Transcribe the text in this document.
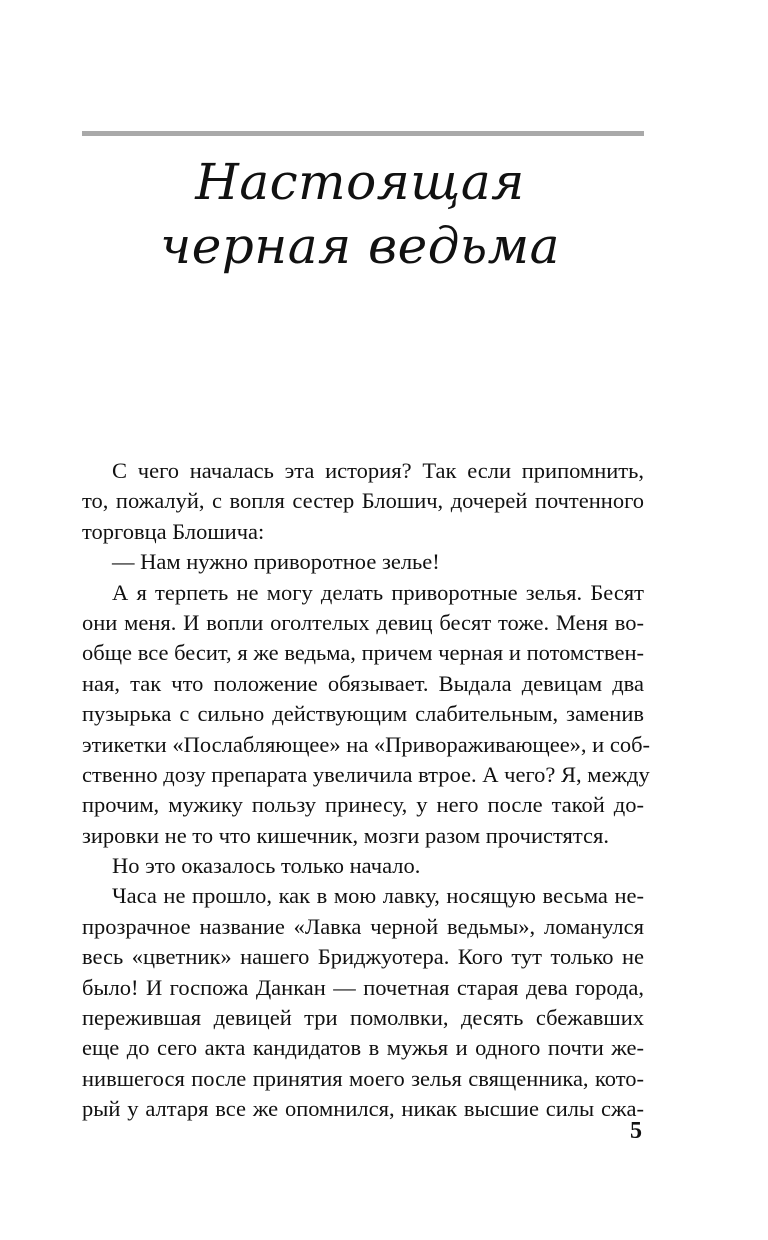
Настоящая
черная ведьма
С чего началась эта история? Так если припомнить,
то, пожалуй, с вопля сестер Блошич, дочерей почтенного
торговца Блошича:
— Нам нужно приворотное зелье!
А я терпеть не могу делать приворотные зелья. Бесят
они меня. И вопли оголтелых девиц бесят тоже. Меня во-
обще все бесит, я же ведьма, причем черная и потомствен-
ная, так что положение обязывает. Выдала девицам два
пузырька с сильно действующим слабительным, заменив
этикетки «Послабляющее» на «Привораживающее», и соб-
ственно дозу препарата увеличила втрое. А чего? Я, между
прочим, мужику пользу принесу, у него после такой до-
зировки не то что кишечник, мозги разом прочистятся.
Но это оказалось только начало.
Часа не прошло, как в мою лавку, носящую весьма не-
прозрачное название «Лавка черной ведьмы», ломанулся
весь «цветник» нашего Бриджуотера. Кого тут только не
было! И госпожа Данкан — почетная старая дева города,
пережившая девицей три помолвки, десять сбежавших
еще до сего акта кандидатов в мужья и одного почти же-
нившегося после принятия моего зелья священника, кото-
рый у алтаря все же опомнился, никак высшие силы сжа-
5
